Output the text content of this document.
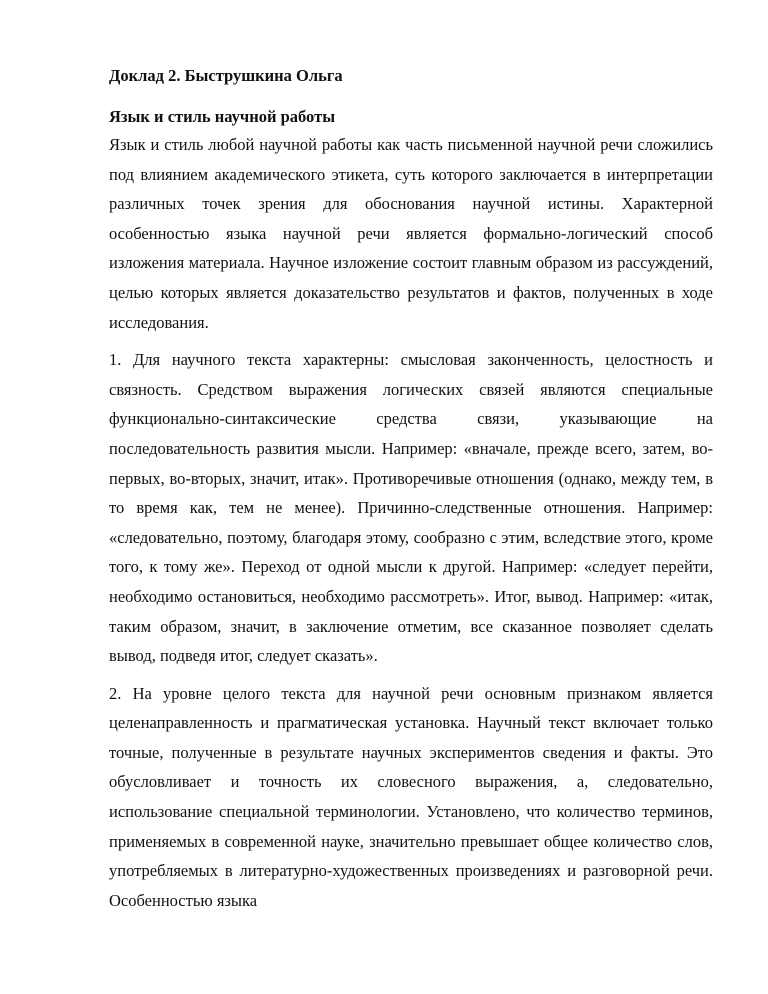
Доклад 2. Быструшкина Ольга

Язык и стиль научной работы

Язык и стиль любой научной работы как часть письменной научной речи сложились под влиянием академического этикета, суть которого заключается в интерпретации различных точек зрения для обоснования научной истины. Характерной особенностью языка научной речи является формально-логический способ изложения материала. Научное изложение состоит главным образом из рассуждений, целью которых является доказательство результатов и фактов, полученных в ходе исследования.

1. Для научного текста характерны: смысловая законченность, целостность и связность. Средством выражения логических связей являются специальные функционально-синтаксические средства связи, указывающие на последовательность развития мысли. Например: «вначале, прежде всего, затем, во-первых, во-вторых, значит, итак». Противоречивые отношения (однако, между тем, в то время как, тем не менее). Причинно-следственные отношения. Например: «следовательно, поэтому, благодаря этому, сообразно с этим, вследствие этого, кроме того, к тому же». Переход от одной мысли к другой. Например: «следует перейти, необходимо остановиться, необходимо рассмотреть». Итог, вывод. Например: «итак, таким образом, значит, в заключение отметим, все сказанное позволяет сделать вывод, подведя итог, следует сказать».

2. На уровне целого текста для научной речи основным признаком является целенаправленность и прагматическая установка. Научный текст включает только точные, полученные в результате научных экспериментов сведения и факты. Это обусловливает и точность их словесного выражения, а, следовательно, использование специальной терминологии. Установлено, что количество терминов, применяемых в современной науке, значительно превышает общее количество слов, употребляемых в литературно-художественных произведениях и разговорной речи. Особенностью языка
